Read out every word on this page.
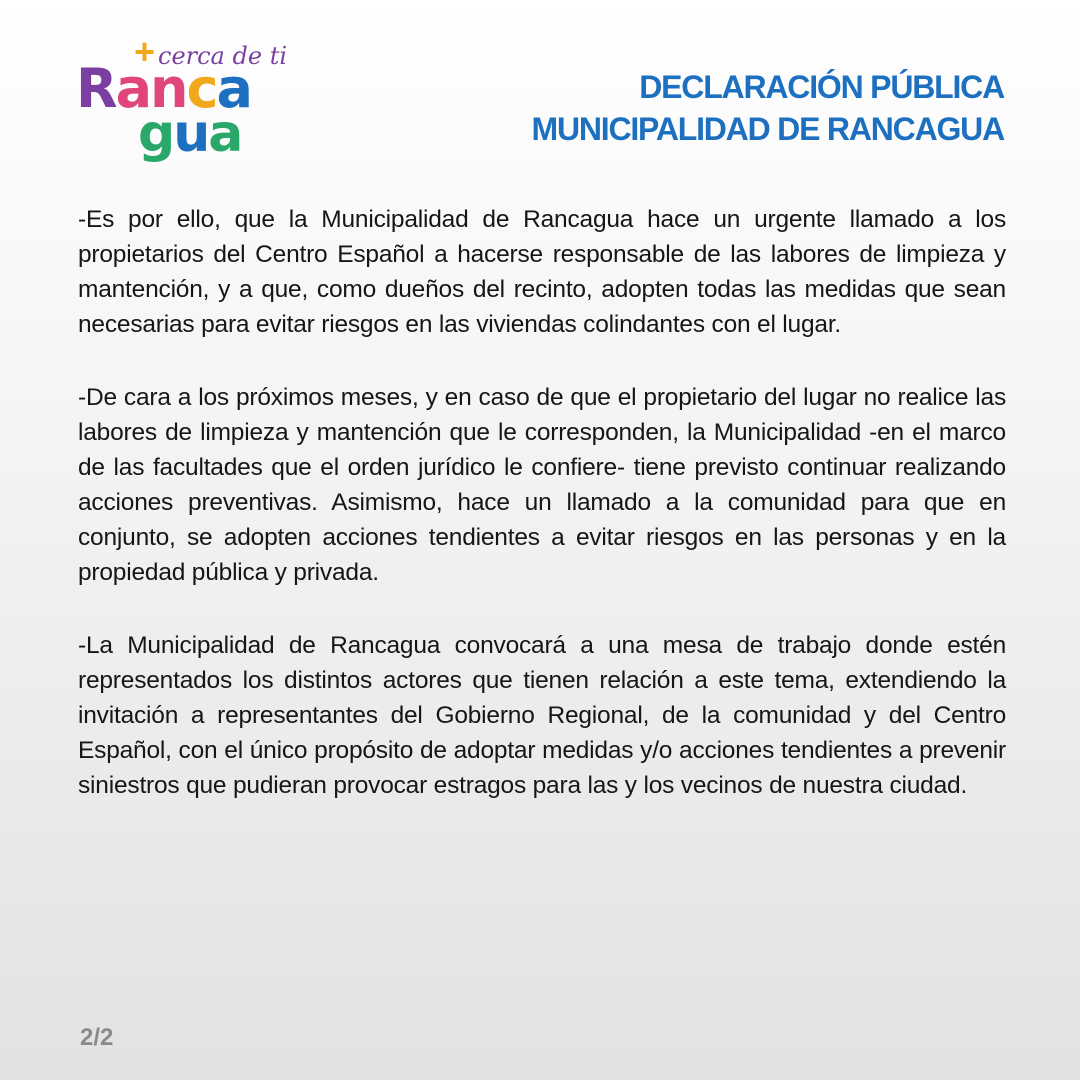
+ cerca de ti
Ranca
gua
DECLARACIÓN PÚBLICA
MUNICIPALIDAD DE RANCAGUA

-Es por ello, que la Municipalidad de Rancagua hace un urgente llamado a los propietarios del Centro Español a hacerse responsable de las labores de limpieza y mantención, y a que, como dueños del recinto, adopten todas las medidas que sean necesarias para evitar riesgos en las viviendas colindantes con el lugar.

-De cara a los próximos meses, y en caso de que el propietario del lugar no realice las labores de limpieza y mantención que le corresponden, la Municipalidad -en el marco de las facultades que el orden jurídico le confiere- tiene previsto continuar realizando acciones preventivas. Asimismo, hace un llamado a la comunidad para que en conjunto, se adopten acciones tendientes a evitar riesgos en las personas y en la propiedad pública y privada.

-La Municipalidad de Rancagua convocará a una mesa de trabajo donde estén representados los distintos actores que tienen relación a este tema, extendiendo la invitación a representantes del Gobierno Regional, de la comunidad y del Centro Español, con el único propósito de adoptar medidas y/o acciones tendientes a prevenir siniestros que pudieran provocar estragos para las y los vecinos de nuestra ciudad.

2/2
